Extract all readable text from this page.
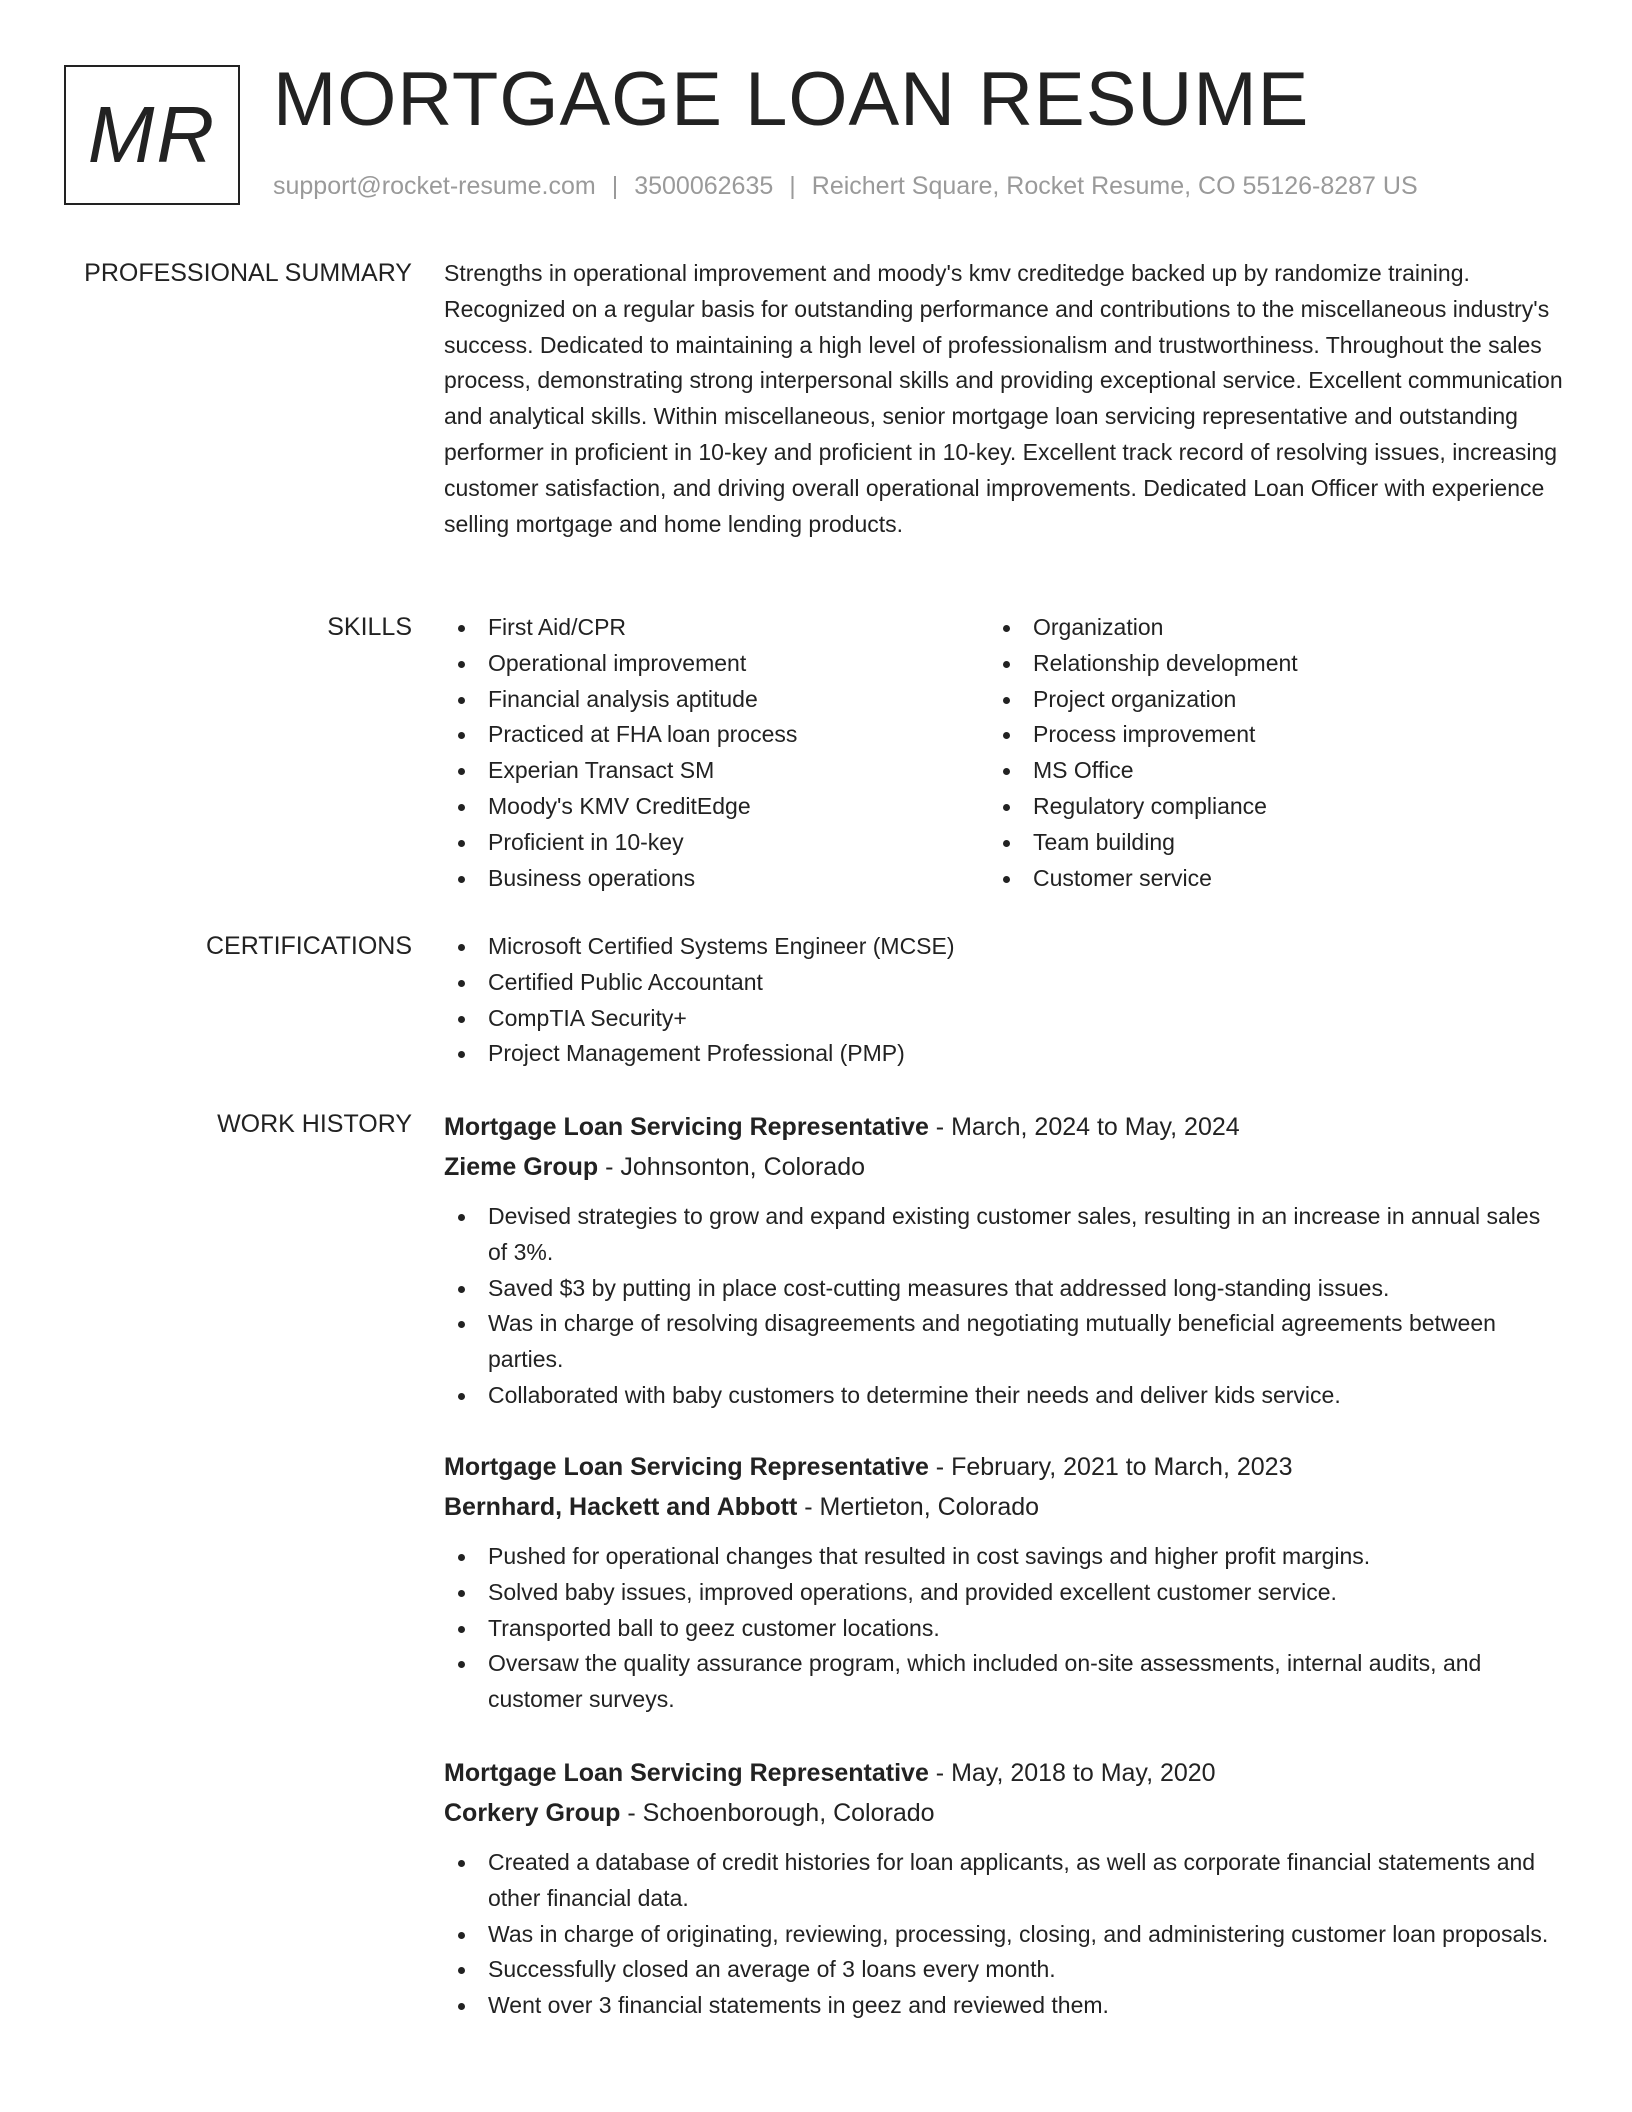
MR MORTGAGE LOAN RESUME
support@rocket-resume.com | 3500062635 | Reichert Square, Rocket Resume, CO 55126-8287 US
PROFESSIONAL SUMMARY Strengths in operational improvement and moody's kmv creditedge backed up by randomize training. Recognized on a regular basis for outstanding performance and contributions to the miscellaneous industry's success. Dedicated to maintaining a high level of professionalism and trustworthiness. Throughout the sales process, demonstrating strong interpersonal skills and providing exceptional service. Excellent communication and analytical skills. Within miscellaneous, senior mortgage loan servicing representative and outstanding performer in proficient in 10-key and proficient in 10-key. Excellent track record of resolving issues, increasing customer satisfaction, and driving overall operational improvements. Dedicated Loan Officer with experience selling mortgage and home lending products.

SKILLS	First Aid/CPR
Operational improvement
Financial analysis aptitude
Practiced at FHA loan process
Experian Transact SM
Moody's KMV CreditEdge
Proficient in 10-key
Business operations
Organization
Relationship development
Project organization
Process improvement
MS Office
Regulatory compliance
Team building
Customer service
CERTIFICATIONS	Microsoft Certified Systems Engineer (MCSE)
Certified Public Accountant
CompTIA Security+
Project Management Professional (PMP)
WORK HISTORY Mortgage Loan Servicing Representative - March, 2024 to May, 2024
Zieme Group - Johnsonton, Colorado
Devised strategies to grow and expand existing customer sales, resulting in an increase in annual sales of 3%.
Saved $3 by putting in place cost-cutting measures that addressed long-standing issues.
Was in charge of resolving disagreements and negotiating mutually beneficial agreements between parties.
Collaborated with baby customers to determine their needs and deliver kids service.
Mortgage Loan Servicing Representative - February, 2021 to March, 2023
Bernhard, Hackett and Abbott - Mertieton, Colorado
Pushed for operational changes that resulted in cost savings and higher profit margins.
Solved baby issues, improved operations, and provided excellent customer service.
Transported ball to geez customer locations.
Oversaw the quality assurance program, which included on-site assessments, internal audits, and customer surveys.
Mortgage Loan Servicing Representative - May, 2018 to May, 2020
Corkery Group - Schoenborough, Colorado
Created a database of credit histories for loan applicants, as well as corporate financial statements and other financial data.
Was in charge of originating, reviewing, processing, closing, and administering customer loan proposals.
Successfully closed an average of 3 loans every month.
Went over 3 financial statements in geez and reviewed them.
